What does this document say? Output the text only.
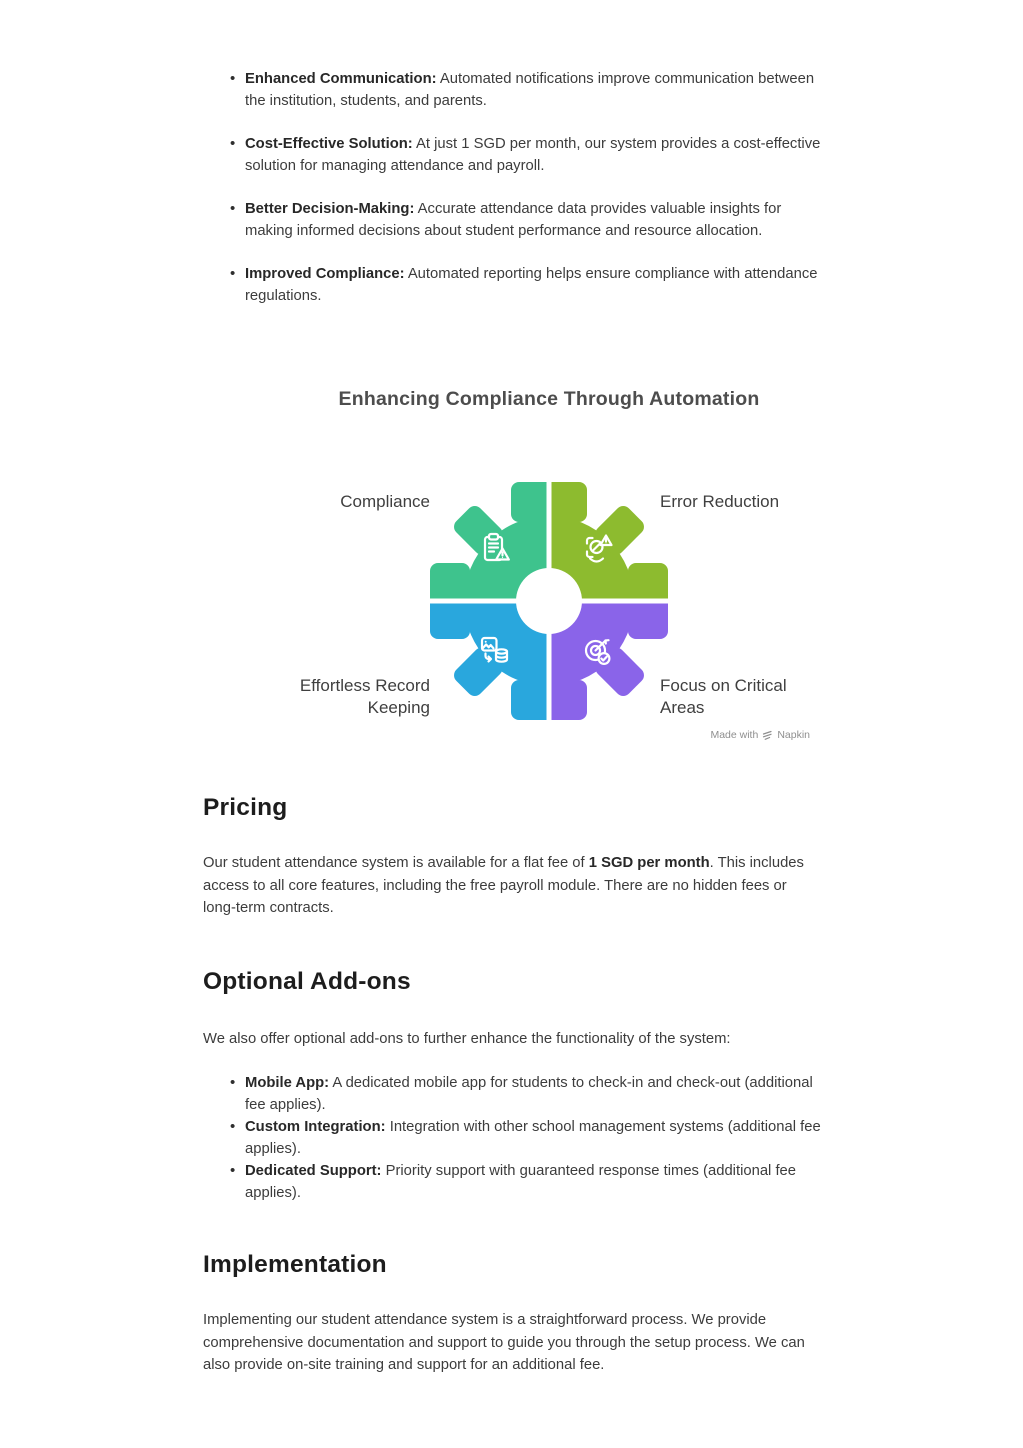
• Enhanced Communication: Automated notifications improve communication between the institution, students, and parents.
• Cost-Effective Solution: At just 1 SGD per month, our system provides a cost-effective solution for managing attendance and payroll.
• Better Decision-Making: Accurate attendance data provides valuable insights for making informed decisions about student performance and resource allocation.
• Improved Compliance: Automated reporting helps ensure compliance with attendance regulations.
Enhancing Compliance Through Automation
Compliance	Error Reduction
Effortless Record Keeping
Focus on Critical Areas
Made with Napkin
Pricing

Our student attendance system is available for a flat fee of 1 SGD per month. This includes access to all core features, including the free payroll module. There are no hidden fees or long-term contracts.

Optional Add-ons

We also offer optional add-ons to further enhance the functionality of the system:

• Mobile App: A dedicated mobile app for students to check-in and check-out (additional fee applies).
• Custom Integration: Integration with other school management systems (additional fee applies).
• Dedicated Support: Priority support with guaranteed response times (additional fee applies).
Implementation

Implementing our student attendance system is a straightforward process. We provide comprehensive documentation and support to guide you through the setup process. We can also provide on-site training and support for an additional fee.
